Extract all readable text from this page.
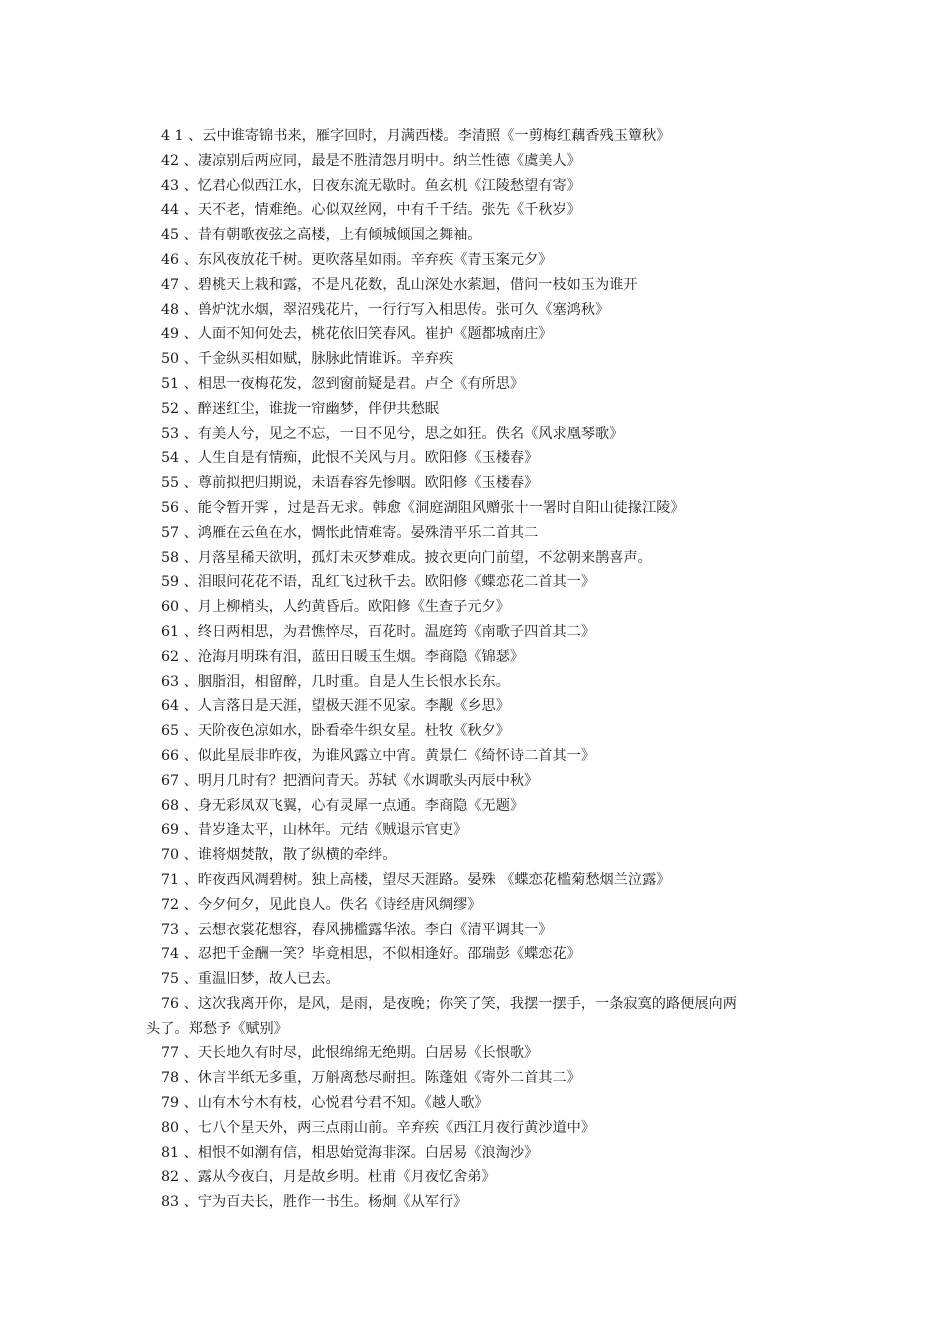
4 1 、云中谁寄锦书来，雁字回时，月满西楼。李清照《一剪梅红藕香残玉簟秋》
42 、凄凉别后两应同，最是不胜清怨月明中。纳兰性德《虞美人》
43 、忆君心似西江水，日夜东流无歇时。鱼玄机《江陵愁望有寄》
44 、天不老，情难绝。心似双丝网，中有千千结。张先《千秋岁》
45 、昔有朝歌夜弦之高楼，上有倾城倾国之舞袖。
46 、东风夜放花千树。更吹落星如雨。辛弃疾《青玉案元夕》
47 、碧桃天上栽和露，不是凡花数，乱山深处水萦迴，借问一枝如玉为谁开
48 、兽炉沈水烟，翠沼残花片，一行行写入相思传。张可久《塞鸿秋》
49 、人面不知何处去，桃花依旧笑春风。崔护《题都城南庄》
50 、千金纵买相如赋，脉脉此情谁诉。辛弃疾
51 、相思一夜梅花发，忽到窗前疑是君。卢仝《有所思》
52 、醉迷红尘，谁拢一帘幽梦，伴伊共愁眠
53 、有美人兮，见之不忘，一日不见兮，思之如狂。佚名《风求凰琴歌》
54 、人生自是有情痴，此恨不关风与月。欧阳修《玉楼春》
55 、尊前拟把归期说，未语春容先惨咽。欧阳修《玉楼春》
56 、能令暂开霁 ，过是吾无求。韩愈《洞庭湖阻风赠张十一署时自阳山徒掾江陵》
57 、鸿雁在云鱼在水，惆怅此情难寄。晏殊清平乐二首其二
58 、月落星稀天欲明，孤灯未灭梦难成。披衣更向门前望，不忿朝来鹊喜声。
59 、泪眼问花花不语，乱红飞过秋千去。欧阳修《蝶恋花二首其一》
60 、月上柳梢头，人约黄昏后。欧阳修《生查子元夕》
61 、终日两相思，为君憔悴尽，百花时。温庭筠《南歌子四首其二》
62 、沧海月明珠有泪，蓝田日暖玉生烟。李商隐《锦瑟》
63 、胭脂泪，相留醉，几时重。自是人生长恨水长东。
64 、人言落日是天涯，望极天涯不见家。李觏《乡思》
65 、天阶夜色凉如水，卧看牵牛织女星。杜牧《秋夕》
66 、似此星辰非昨夜，为谁风露立中宵。黄景仁《绮怀诗二首其一》
67 、明月几时有？把酒问青天。苏轼《水调歌头丙辰中秋》
68 、身无彩凤双飞翼，心有灵犀一点通。李商隐《无题》
69 、昔岁逢太平，山林年。元结《贼退示官吏》
70 、谁将烟焚散，散了纵横的牵绊。
71 、昨夜西风凋碧树。独上高楼，望尽天涯路。晏殊 《蝶恋花槛菊愁烟兰泣露》
72 、今夕何夕，见此良人。佚名《诗经唐风绸缪》
73 、云想衣裳花想容，春风拂槛露华浓。李白《清平调其一》
74 、忍把千金酬一笑？毕竟相思，不似相逢好。邵瑞彭《蝶恋花》
75 、重温旧梦，故人已去。
76 、这次我离开你，是风，是雨，是夜晚；你笑了笑，我摆一摆手，一条寂寞的路便展向两
头了。郑愁予《赋别》
77 、天长地久有时尽，此恨绵绵无绝期。白居易《长恨歌》
78 、休言半纸无多重，万斛离愁尽耐担。陈蓬姐《寄外二首其二》
79 、山有木兮木有枝，心悦君兮君不知。《越人歌》
80 、七八个星天外，两三点雨山前。辛弃疾《西江月夜行黄沙道中》
81 、相恨不如潮有信，相思始觉海非深。白居易《浪淘沙》
82 、露从今夜白，月是故乡明。杜甫《月夜忆舍弟》
83 、宁为百夫长，胜作一书生。杨炯《从军行》
